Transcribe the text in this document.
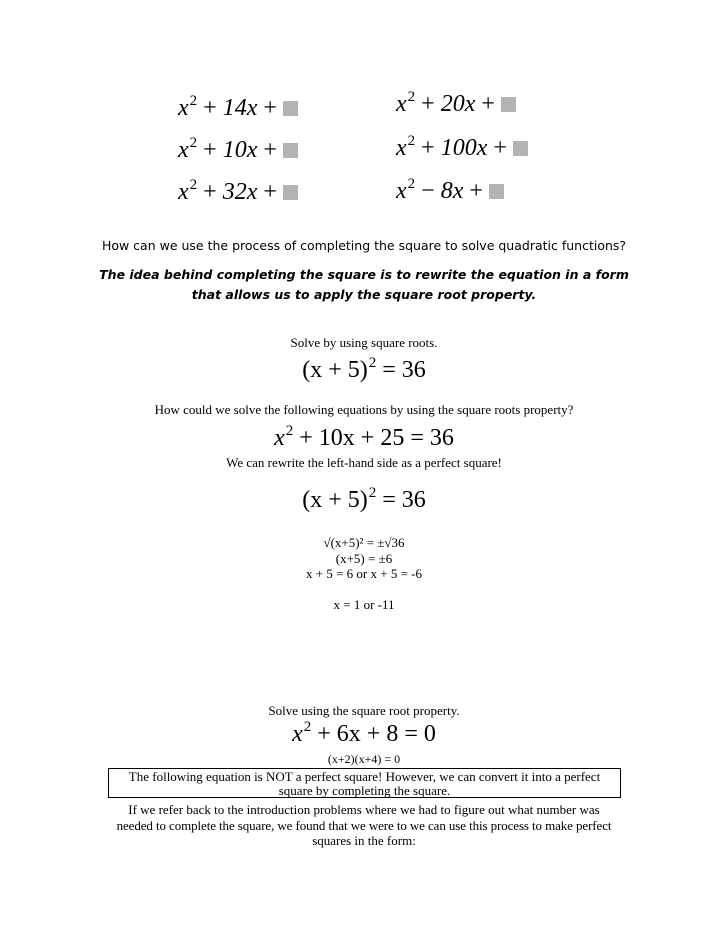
$x^2 + 14x$ +
$x^2 + 10x$ +
$x^2 + 32x$ +
$x^2 + 20x$ +
$x^2 + 100x$ +
$x^2 - 8x$ +
How can we use the process of completing the square to solve quadratic functions?
The idea behind completing the square is to rewrite the equation in a form
that allows us to apply the square root property.
Solve by using square roots.
$(x + 5)^2 = 36$
How could we solve the following equations by using the square roots property?
$x^2 + 10x + 25 = 36$
We can rewrite the left-hand side as a perfect square!
$(x + 5)^2 = 36$
√(x+5)² = ±√36
(x+5) = ±6
x + 5 = 6 or x + 5 = -6
x = 1 or -11
Solve using the square root property.
$x^2 + 6x + 8 = 0$
(x+2)(x+4) = 0
The following equation is NOT a perfect square! However, we can convert it into a perfect
square by completing the square.
If we refer back to the introduction problems where we had to figure out what number was
needed to complete the square, we found that we were to we can use this process to make perfect
squares in the form:
